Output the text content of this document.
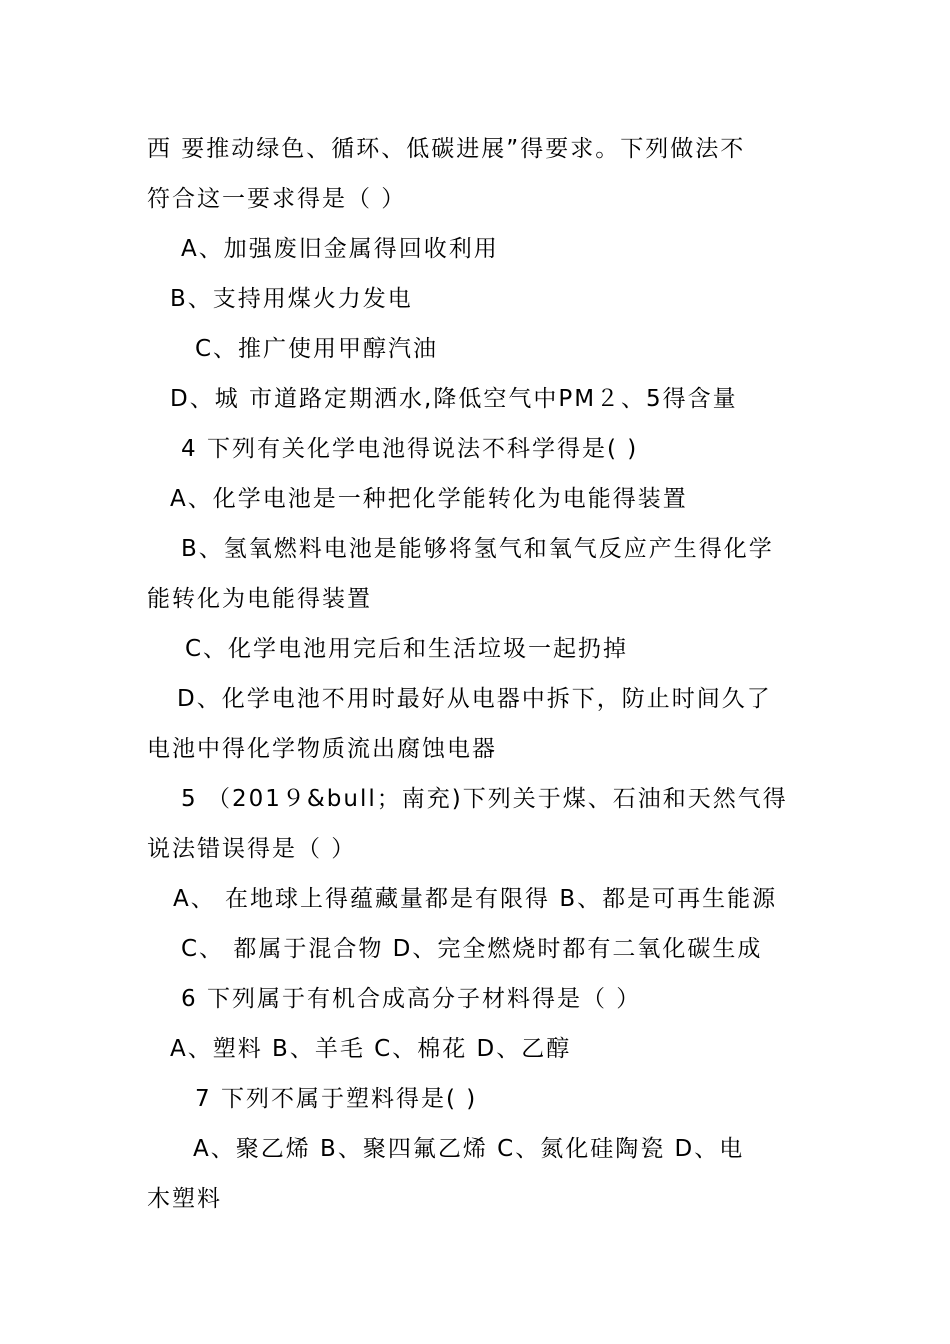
西 要推动绿色、循环、低碳进展”得要求。下列做法不
符合这一要求得是（ ）
A、加强废旧金属得回收利用
B、支持用煤火力发电
C、推广使用甲醇汽油
D、城 市道路定期洒水,降低空气中PM２、5得含量
4 下列有关化学电池得说法不科学得是( )
A、化学电池是一种把化学能转化为电能得装置
B、氢氧燃料电池是能够将氢气和氧气反应产生得化学
能转化为电能得装置
C、化学电池用完后和生活垃圾一起扔掉
D、化学电池不用时最好从电器中拆下，防止时间久了
电池中得化学物质流出腐蚀电器
5 （201９&bull；南充)下列关于煤、石油和天然气得
说法错误得是（ ）
A、 在地球上得蕴藏量都是有限得 B、都是可再生能源
C、 都属于混合物 D、完全燃烧时都有二氧化碳生成
6 下列属于有机合成高分子材料得是（ ）
A、塑料 B、羊毛 C、棉花 D、乙醇
7 下列不属于塑料得是( )
A、聚乙烯 B、聚四氟乙烯 C、氮化硅陶瓷 D、电
木塑料
